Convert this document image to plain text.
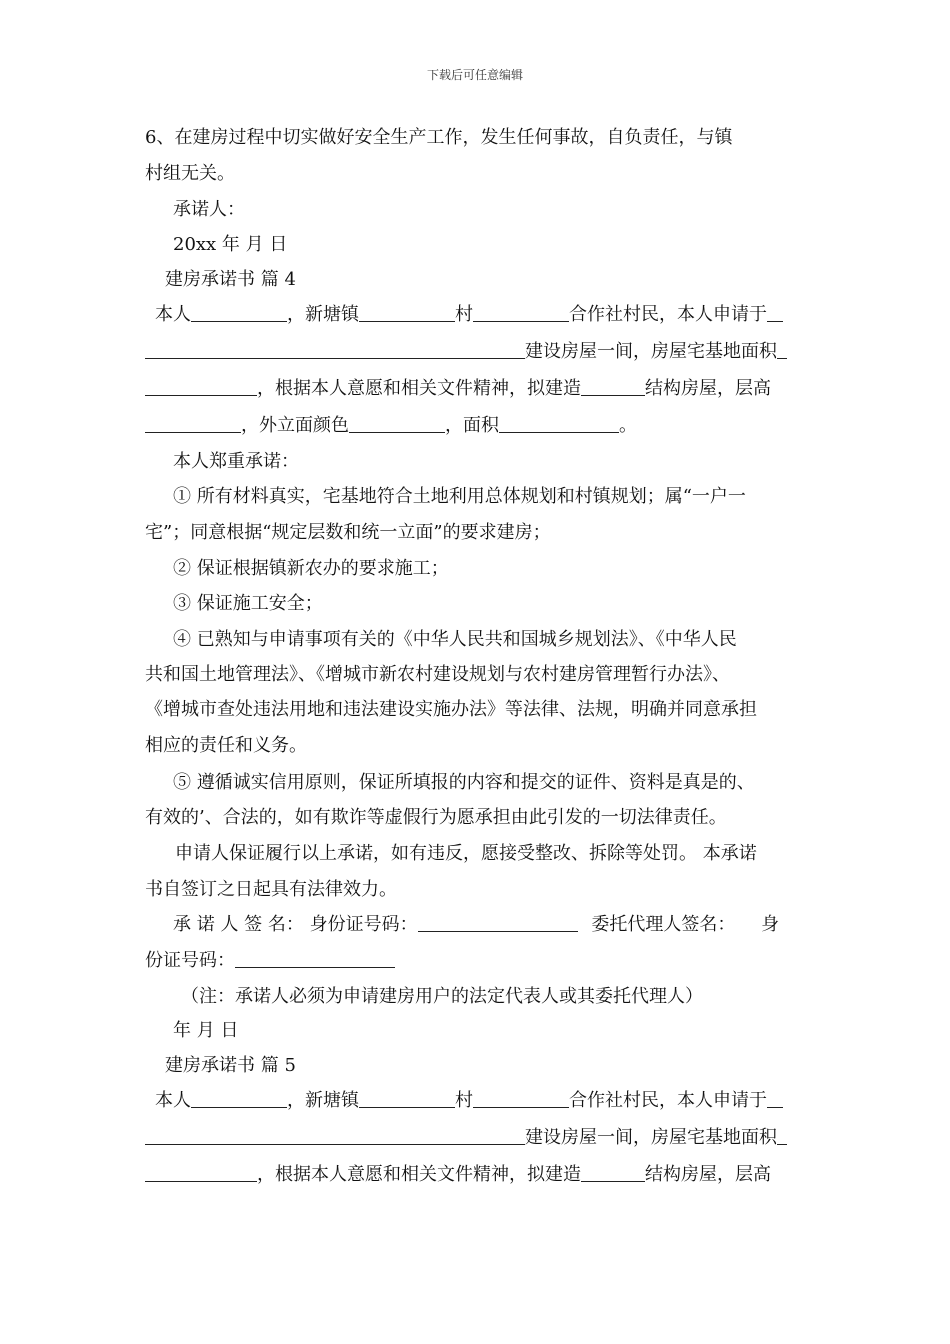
下载后可任意编辑
6、在建房过程中切实做好安全生产工作，发生任何事故，自负责任，与镇
村组无关。
承诺人：
20xx 年 月 日
建房承诺书 篇 4
本人	，新塘镇	村	合作社村民，本人申请于
建设房屋一间，房屋宅基地面积
，根据本人意愿和相关文件精神，拟建造	结构房屋，层高
，外立面颜色	，面积	。
本人郑重承诺：
① 所有材料真实，宅基地符合土地利用总体规划和村镇规划；属“一户一
宅”；同意根据“规定层数和统一立面”的要求建房；
② 保证根据镇新农办的要求施工；
③ 保证施工安全；
④ 已熟知与申请事项有关的《中华人民共和国城乡规划法》、《中华人民
共和国土地管理法》、《增城市新农村建设规划与农村建房管理暂行办法》、
《增城市查处违法用地和违法建设实施办法》等法律、法规，明确并同意承担
相应的责任和义务。
⑤ 遵循诚实信用原则，保证所填报的内容和提交的证件、资料是真是的、
有效的’、合法的，如有欺诈等虚假行为愿承担由此引发的一切法律责任。
申请人保证履行以上承诺，如有违反，愿接受整改、拆除等处罚。 本承诺
书自签订之日起具有法律效力。
承 诺 人 签 名： 身份证号码：	委托代理人签名： 身
份证号码：
（注：承诺人必须为申请建房用户的法定代表人或其委托代理人）
年 月 日
建房承诺书 篇 5
本人	，新塘镇	村	合作社村民，本人申请于
建设房屋一间，房屋宅基地面积
，根据本人意愿和相关文件精神，拟建造	结构房屋，层高
